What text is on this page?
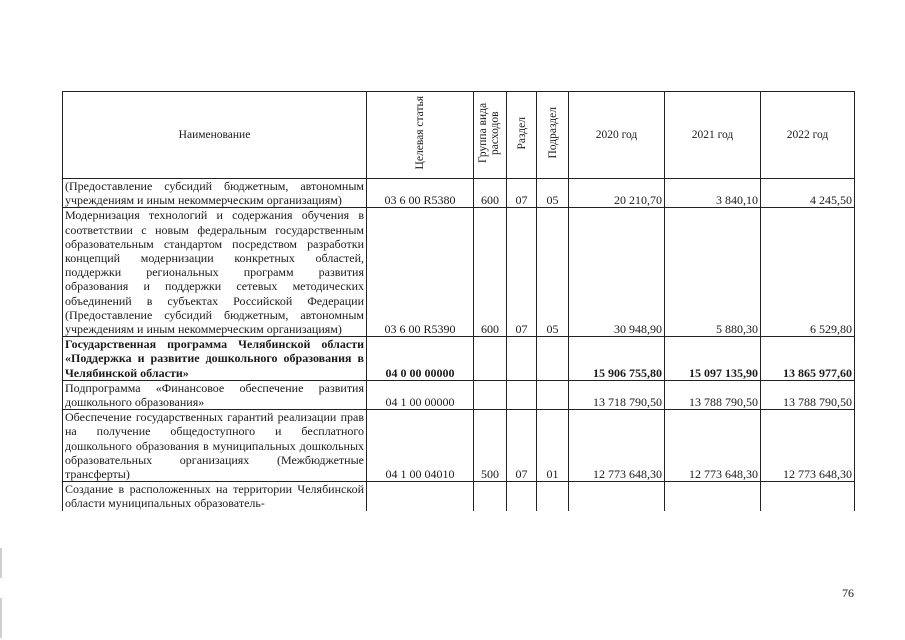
Наименование	Целевая статья	Группа вида расходов	Раздел	Подраздел	2020 год	2021 год	2022 год
(Предоставление субсидий бюджетным, автономным учреждениям и иным некоммерческим организациям)	03 6 00 R5380	600	07	05	20 210,70	3 840,10	4 245,50
Модернизация технологий и содержания обучения в соответствии с новым федеральным государственным образовательным стандартом посредством разработки концепций модернизации конкретных областей, поддержки региональных программ развития образования и поддержки сетевых методических объединений в субъектах Российской Федерации (Предоставление субсидий бюджетным, автономным учреждениям и иным некоммерческим организациям)	03 6 00 R5390	600	07	05	30 948,90	5 880,30	6 529,80
Государственная программа Челябинской области «Поддержка и развитие дошкольного образования в Челябинской области»	04 0 00 00000				15 906 755,80	15 097 135,90	13 865 977,60
Подпрограмма «Финансовое обеспечение развития дошкольного образования»	04 1 00 00000				13 718 790,50	13 788 790,50	13 788 790,50
Обеспечение государственных гарантий реализации прав на получение общедоступного и бесплатного дошкольного образования в муниципальных дошкольных образовательных организациях (Межбюджетные трансферты)	04 1 00 04010	500	07	01	12 773 648,30	12 773 648,30	12 773 648,30
Создание в расположенных на территории Челябинской области муниципальных образователь-							
76
